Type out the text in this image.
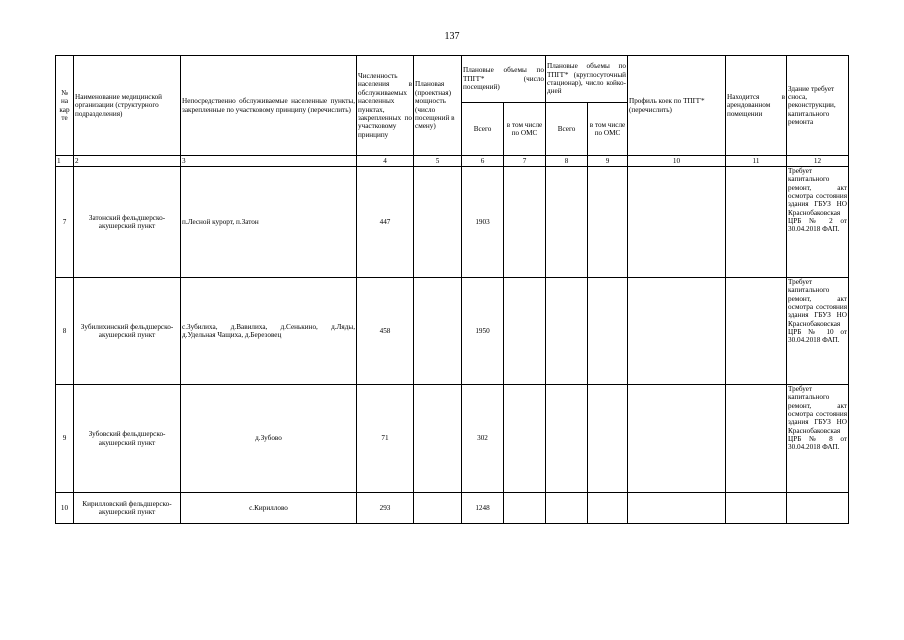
137
№ на кар те	Наименование медицинской организации (структурного подразделения)	Непосредственно обслуживаемые населенные пункты, закрепленные по участковому принципу (перечислить)	Численность населения в обслуживаемых населенных пунктах, закрепленных по участковому принципу	Плановая (проектная) мощность (число посещений в смену)	Плановые объемы по ТПГГ* (число посещений)		Плановые объемы по ТПГГ* (круглосуточный стационар), число койко-дней		Профиль коек по ТПГГ* (перечислить)	Находится в арендованном помещении	Здание требует сноса, реконструкции, капитального ремонта
					Всего	в том числе по ОМС	Всего	в том числе по ОМС			
1	2	3	4	5	6	7	8	9	10	11	12
7	Затонский фельдшерско-акушерский пункт	п.Лесной курорт, п.Затон	447		1903						Требует капитального ремонт, акт осмотра состояния здания ГБУЗ НО Краснобаковская ЦРБ № 2 от 30.04.2018 ФАП.
8	Зубилихинский фельдшерско-акушерский пункт	с.Зубилиха, д.Вавилиха, д.Сенькино, д.Ляды, д.Удельная Чащиха, д.Березовец	458		1950						Требует капитального ремонт, акт осмотра состояния здания ГБУЗ НО Краснобаковская ЦРБ № 10 от 30.04.2018 ФАП.
9	Зубовский фельдшерско-акушерский пункт	д.Зубово	71		302						Требует капитального ремонт, акт осмотра состояния здания ГБУЗ НО Краснобаковская ЦРБ № 8 от 30.04.2018 ФАП.
10	Кирилловский фельдшерско-акушерский пункт	с.Кириллово	293		1248						
